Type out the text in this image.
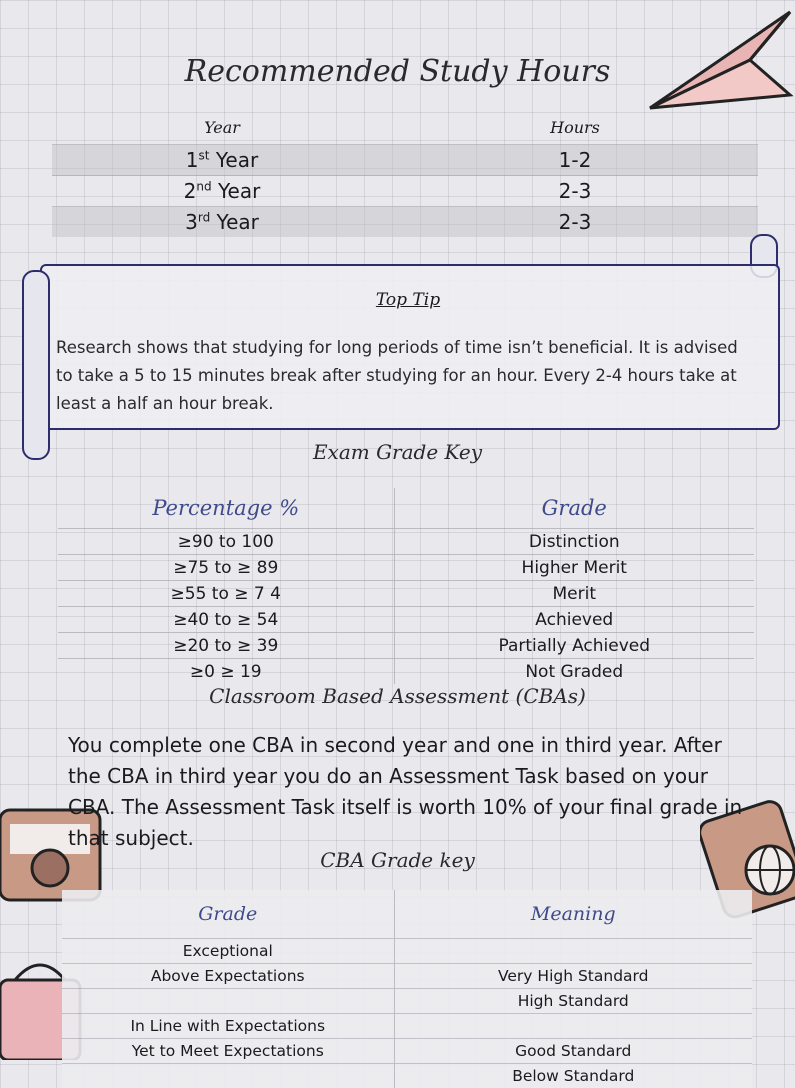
Recommended Study Hours
Year	Hours
1st Year	1-2
2nd Year	2-3
3rd Year	2-3
Top Tip
Research shows that studying for long periods of time isn’t beneficial. It is advised to take a 5 to 15 minutes break after studying for an hour. Every 2-4 hours take at least a half an hour break.
Exam Grade Key
Percentage %	Grade
≥90 to 100	Distinction
≥75 to ≥ 89	Higher Merit
≥55 to ≥ 7 4	Merit
≥40 to ≥ 54	Achieved
≥20 to ≥ 39	Partially Achieved
≥0 ≥ 19	Not Graded
Classroom Based Assessment (CBAs)
You complete one CBA in second year and one in third year. After the CBA in third year you do an Assessment Task based on your CBA. The Assessment Task itself is worth 10% of your final grade in that subject.
CBA Grade key
Grade	Meaning
Exceptional	
Above Expectations	Very High Standard
	High Standard
In Line with Expectations	
Yet to Meet Expectations	Good Standard
	Below Standard
